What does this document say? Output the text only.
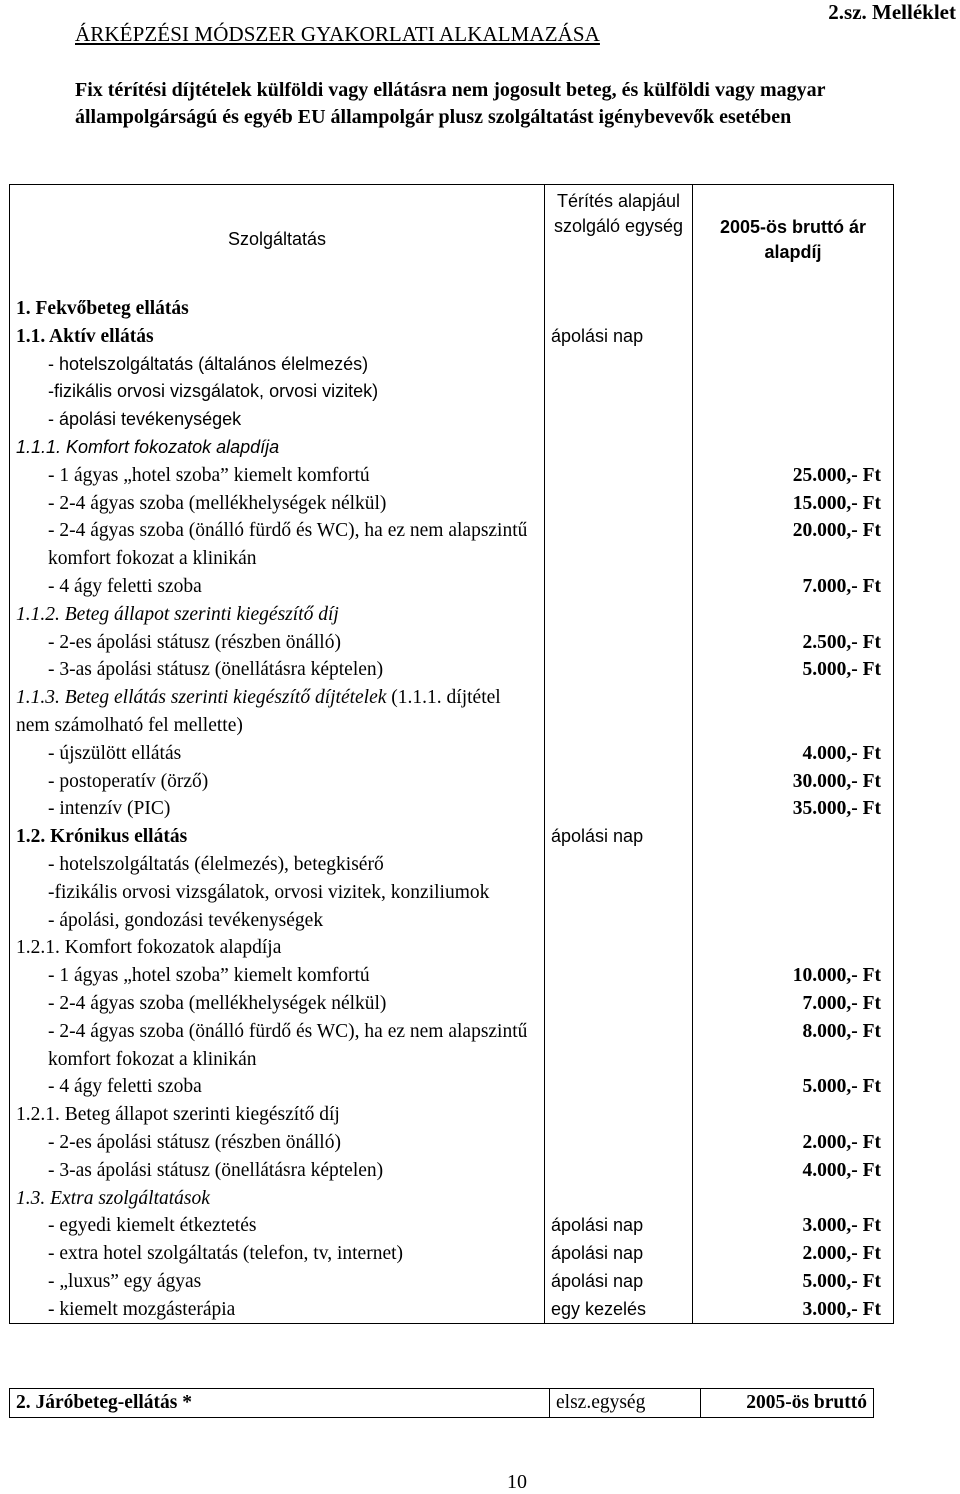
ÁRKÉPZÉSI MÓDSZER GYAKORLATI ALKALMAZÁSA
2.sz. Melléklet
Fix térítési díjtételek külföldi vagy ellátásra nem jogosult beteg, és külföldi vagy magyar állampolgárságú és egyéb EU állampolgár plusz szolgáltatást igénybevevők esetében
Szolgáltatás	Térítés alapjául szolgáló egység	2005-ös bruttó ár alapdíj
1. Fekvőbeteg ellátás		
1.1. Aktív ellátás	ápolási nap	
- hotelszolgáltatás (általános élelmezés)		
-fizikális orvosi vizsgálatok, orvosi vizitek)		
- ápolási tevékenységek		
1.1.1. Komfort fokozatok alapdíja		
- 1 ágyas „hotel szoba” kiemelt komfortú		25.000,- Ft
- 2-4 ágyas szoba (mellékhelységek nélkül)		15.000,- Ft
- 2-4 ágyas szoba (önálló fürdő és WC), ha ez nem alapszintű komfort fokozat a klinikán		20.000,- Ft
- 4 ágy feletti szoba		7.000,- Ft
1.1.2. Beteg állapot szerinti kiegészítő díj		
- 2-es ápolási státusz (részben önálló)		2.500,- Ft
- 3-as ápolási státusz (önellátásra képtelen)		5.000,- Ft
1.1.3. Beteg ellátás szerinti kiegészítő díjtételek (1.1.1. díjtétel nem számolható fel mellette)		
- újszülött ellátás		4.000,- Ft
- postoperatív (örző)		30.000,- Ft
- intenzív (PIC)		35.000,- Ft
1.2. Krónikus ellátás	ápolási nap	
- hotelszolgáltatás (élelmezés), betegkisérő		
-fizikális orvosi vizsgálatok, orvosi vizitek, konziliumok		
- ápolási, gondozási tevékenységek		
1.2.1. Komfort fokozatok alapdíja		
- 1 ágyas „hotel szoba” kiemelt komfortú		10.000,- Ft
- 2-4 ágyas szoba (mellékhelységek nélkül)		7.000,- Ft
- 2-4 ágyas szoba (önálló fürdő és WC), ha ez nem alapszintű komfort fokozat a klinikán		8.000,- Ft
- 4 ágy feletti szoba		5.000,- Ft
1.2.1. Beteg állapot szerinti kiegészítő díj		
- 2-es ápolási státusz (részben önálló)		2.000,- Ft
- 3-as ápolási státusz (önellátásra képtelen)		4.000,- Ft
1.3. Extra szolgáltatások		
- egyedi kiemelt étkeztetés	ápolási nap	3.000,- Ft
- extra hotel szolgáltatás (telefon, tv, internet)	ápolási nap	2.000,- Ft
- „luxus” egy ágyas	ápolási nap	5.000,- Ft
- kiemelt mozgásterápia	egy kezelés	3.000,- Ft
2. Járóbeteg-ellátás *	elsz.egység	2005-ös bruttó
10
